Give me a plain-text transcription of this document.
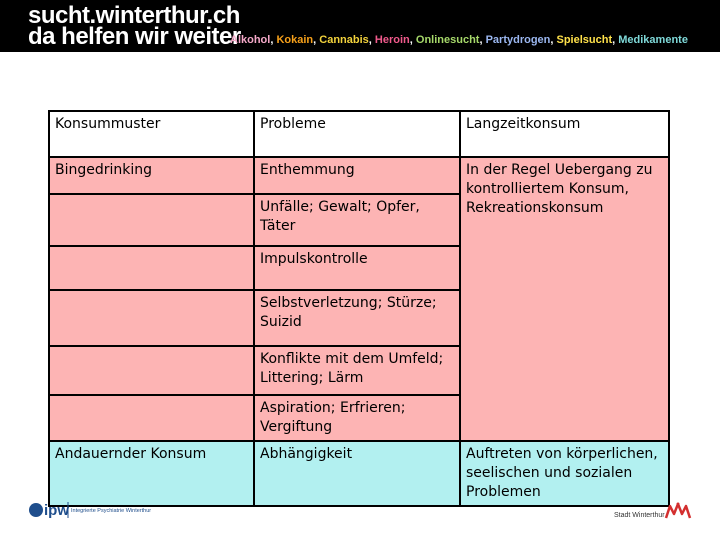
sucht.winterthur.ch
da helfen wir weiter
Alkohol, Kokain, Cannabis, Heroin, Onlinesucht, Partydrogen, Spielsucht, Medikamente
Konsummuster	Probleme	Langzeitkonsum
Bingedrinking	Enthemmung	In der Regel Uebergang zu kontrolliertem Konsum, Rekreationskonsum
	Unfälle; Gewalt; Opfer, Täter	
	Impulskontrolle	
	Selbstverletzung; Stürze; Suizid	
	Konflikte mit dem Umfeld; Littering; Lärm	
	Aspiration; Erfrieren; Vergiftung	
Andauernder Konsum	Abhängigkeit	Auftreten von körperlichen, seelischen und sozialen Problemen
ipw Integrierte Psychiatrie Winterthur
Stadt Winterthur
